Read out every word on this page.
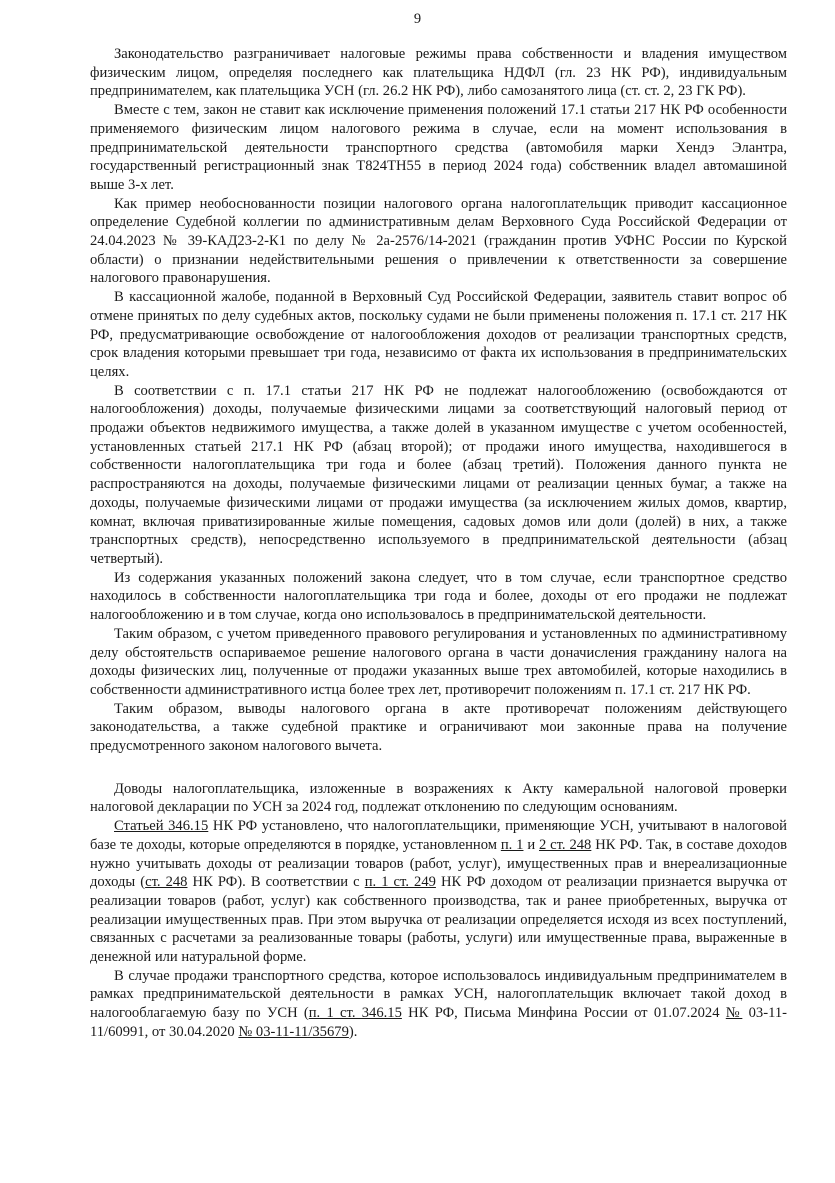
9

Законодательство разграничивает налоговые режимы права собственности и владения имуществом физическим лицом, определяя последнего как плательщика НДФЛ (гл. 23 НК РФ), индивидуальным предпринимателем, как плательщика УСН (гл. 26.2 НК РФ), либо самозанятого лица (ст. ст. 2, 23 ГК РФ).

Вместе с тем, закон не ставит как исключение применения положений 17.1 статьи 217 НК РФ особенности применяемого физическим лицом налогового режима в случае, если на момент использования в предпринимательской деятельности транспортного средства (автомобиля марки Хендэ Элантра, государственный регистрационный знак Т824ТН55 в период 2024 года) собственник владел автомашиной выше 3-х лет.

Как пример необоснованности позиции налогового органа налогоплательщик приводит кассационное определение Судебной коллегии по административным делам Верховного Суда Российской Федерации от 24.04.2023 № 39-КАД23-2-К1 по делу № 2а-2576/14-2021 (гражданин против УФНС России по Курской области) о признании недействительными решения о привлечении к ответственности за совершение налогового правонарушения.

В кассационной жалобе, поданной в Верховный Суд Российской Федерации, заявитель ставит вопрос об отмене принятых по делу судебных актов, поскольку судами не были применены положения п. 17.1 ст. 217 НК РФ, предусматривающие освобождение от налогообложения доходов от реализации транспортных средств, срок владения которыми превышает три года, независимо от факта их использования в предпринимательских целях.

В соответствии с п. 17.1 статьи 217 НК РФ не подлежат налогообложению (освобождаются от налогообложения) доходы, получаемые физическими лицами за соответствующий налоговый период от продажи объектов недвижимого имущества, а также долей в указанном имуществе с учетом особенностей, установленных статьей 217.1 НК РФ (абзац второй); от продажи иного имущества, находившегося в собственности налогоплательщика три года и более (абзац третий). Положения данного пункта не распространяются на доходы, получаемые физическими лицами от реализации ценных бумаг, а также на доходы, получаемые физическими лицами от продажи имущества (за исключением жилых домов, квартир, комнат, включая приватизированные жилые помещения, садовых домов или доли (долей) в них, а также транспортных средств), непосредственно используемого в предпринимательской деятельности (абзац четвертый).

Из содержания указанных положений закона следует, что в том случае, если транспортное средство находилось в собственности налогоплательщика три года и более, доходы от его продажи не подлежат налогообложению и в том случае, когда оно использовалось в предпринимательской деятельности.

Таким образом, с учетом приведенного правового регулирования и установленных по административному делу обстоятельств оспариваемое решение налогового органа в части доначисления гражданину налога на доходы физических лиц, полученные от продажи указанных выше трех автомобилей, которые находились в собственности административного истца более трех лет, противоречит положениям п. 17.1 ст. 217 НК РФ.

Таким образом, выводы налогового органа в акте противоречат положениям действующего законодательства, а также судебной практике и ограничивают мои законные права на получение предусмотренного законом налогового вычета.

Доводы налогоплательщика, изложенные в возражениях к Акту камеральной налоговой проверки налоговой декларации по УСН за 2024 год, подлежат отклонению по следующим основаниям.

Статьей 346.15 НК РФ установлено, что налогоплательщики, применяющие УСН, учитывают в налоговой базе те доходы, которые определяются в порядке, установленном п. 1 и 2 ст. 248 НК РФ. Так, в составе доходов нужно учитывать доходы от реализации товаров (работ, услуг), имущественных прав и внереализационные доходы (ст. 248 НК РФ). В соответствии с п. 1 ст. 249 НК РФ доходом от реализации признается выручка от реализации товаров (работ, услуг) как собственного производства, так и ранее приобретенных, выручка от реализации имущественных прав. При этом выручка от реализации определяется исходя из всех поступлений, связанных с расчетами за реализованные товары (работы, услуги) или имущественные права, выраженные в денежной или натуральной форме.

В случае продажи транспортного средства, которое использовалось индивидуальным предпринимателем в рамках предпринимательской деятельности в рамках УСН, налогоплательщик включает такой доход в налогооблагаемую базу по УСН (п. 1 ст. 346.15 НК РФ, Письма Минфина России от 01.07.2024 № 03-11-11/60991, от 30.04.2020 № 03-11-11/35679).
